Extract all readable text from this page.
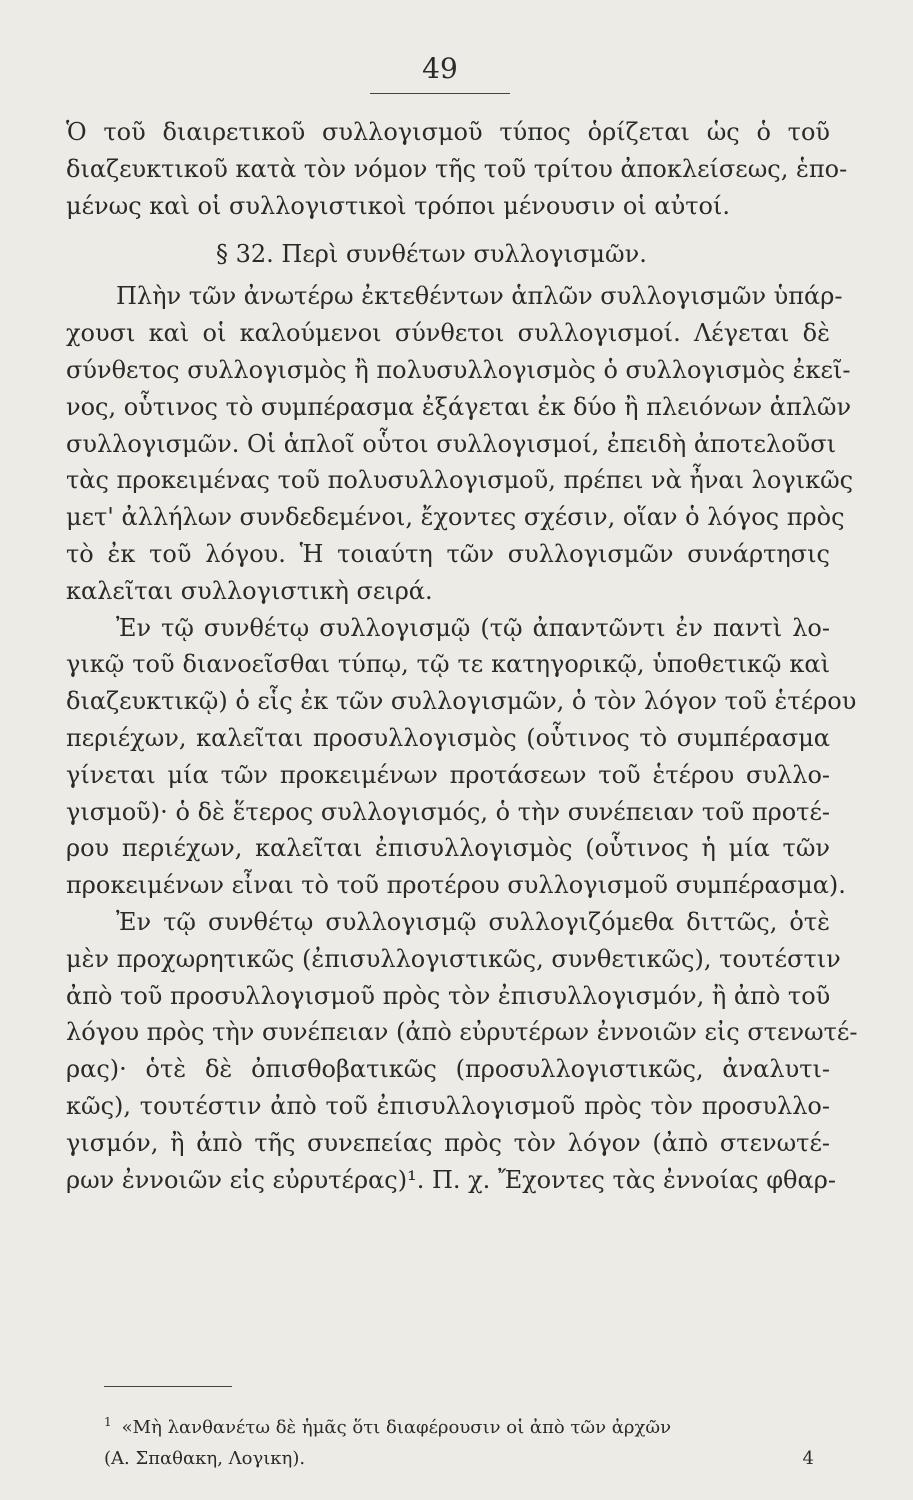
49
Ὁ τοῦ διαιρετικοῦ συλλογισμοῦ τύπος ὁρίζεται ὡς ὁ τοῦ
διαζευκτικοῦ κατὰ τὸν νόμον τῆς τοῦ τρίτου ἀποκλείσεως, ἑπο-
μένως καὶ οἱ συλλογιστικοὶ τρόποι μένουσιν οἱ αὐτοί.
§ 32. Περὶ συνθέτων συλλογισμῶν.
Πλὴν τῶν ἀνωτέρω ἐκτεθέντων ἁπλῶν συλλογισμῶν ὑπάρ-
χουσι καὶ οἱ καλούμενοι σύνθετοι συλλογισμοί. Λέγεται δὲ
σύνθετος συλλογισμὸς ἢ πολυσυλλογισμὸς ὁ συλλογισμὸς ἐκεῖ-
νος, οὗτινος τὸ συμπέρασμα ἐξάγεται ἐκ δύο ἢ πλειόνων ἁπλῶν
συλλογισμῶν. Οἱ ἁπλοῖ οὗτοι συλλογισμοί, ἐπειδὴ ἀποτελοῦσι
τὰς προκειμένας τοῦ πολυσυλλογισμοῦ, πρέπει νὰ ἦναι λογικῶς
μετ' ἀλλήλων συνδεδεμένοι, ἔχοντες σχέσιν, οἵαν ὁ λόγος πρὸς
τὸ ἐκ τοῦ λόγου. Ἡ τοιαύτη τῶν συλλογισμῶν συνάρτησις
καλεῖται συλλογιστικὴ σειρά.
Ἐν τῷ συνθέτῳ συλλογισμῷ (τῷ ἀπαντῶντι ἐν παντὶ λο-
γικῷ τοῦ διανοεῖσθαι τύπῳ, τῷ τε κατηγορικῷ, ὑποθετικῷ καὶ
διαζευκτικῷ) ὁ εἷς ἐκ τῶν συλλογισμῶν, ὁ τὸν λόγον τοῦ ἑτέρου
περιέχων, καλεῖται προσυλλογισμὸς (οὗτινος τὸ συμπέρασμα
γίνεται μία τῶν προκειμένων προτάσεων τοῦ ἑτέρου συλλο-
γισμοῦ)· ὁ δὲ ἕτερος συλλογισμός, ὁ τὴν συνέπειαν τοῦ προτέ-
ρου περιέχων, καλεῖται ἐπισυλλογισμὸς (οὗτινος ἡ μία τῶν
προκειμένων εἶναι τὸ τοῦ προτέρου συλλογισμοῦ συμπέρασμα).
Ἐν τῷ συνθέτῳ συλλογισμῷ συλλογιζόμεθα διττῶς, ὁτὲ
μὲν προχωρητικῶς (ἐπισυλλογιστικῶς, συνθετικῶς), τουτέστιν
ἀπὸ τοῦ προσυλλογισμοῦ πρὸς τὸν ἐπισυλλογισμόν, ἢ ἀπὸ τοῦ
λόγου πρὸς τὴν συνέπειαν (ἀπὸ εὐρυτέρων ἐννοιῶν εἰς στενωτέ-
ρας)· ὁτὲ δὲ ὀπισθοβατικῶς (προσυλλογιστικῶς, ἀναλυτι-
κῶς), τουτέστιν ἀπὸ τοῦ ἐπισυλλογισμοῦ πρὸς τὸν προσυλλο-
γισμόν, ἢ ἀπὸ τῆς συνεπείας πρὸς τὸν λόγον (ἀπὸ στενωτέ-
ρων ἐννοιῶν εἰς εὐρυτέρας)¹. Π. χ. Ἔχοντες τὰς ἐννοίας φθαρ-
$^1$ «Μὴ λανθανέτω δὲ ἡμᾶς ὅτι διαφέρουσιν οἱ ἀπὸ τῶν ἀρχῶν
(Α. Σπαθακη, Λογικη).	4
